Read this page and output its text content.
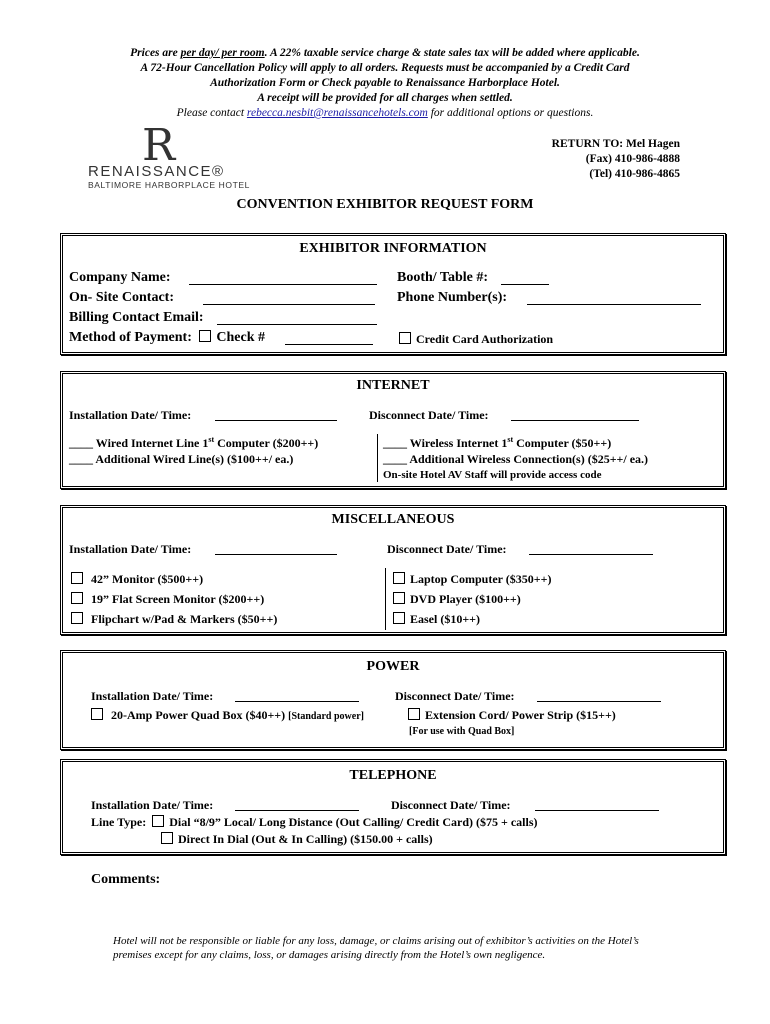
Prices are per day/ per room. A 22% taxable service charge & state sales tax will be added where applicable.
A 72-Hour Cancellation Policy will apply to all orders. Requests must be accompanied by a Credit Card
Authorization Form or Check payable to Renaissance Harborplace Hotel.
A receipt will be provided for all charges when settled.
Please contact rebecca.nesbit@renaissancehotels.com for additional options or questions.
R
RENAISSANCE®
BALTIMORE HARBORPLACE HOTEL
RETURN TO: Mel Hagen
(Fax) 410-986-4888
(Tel) 410-986-4865
CONVENTION EXHIBITOR REQUEST FORM
EXHIBITOR INFORMATION
Company Name:	Booth/ Table #:
On- Site Contact:	Phone Number(s):
Billing Contact Email:
Method of Payment: Check #	Credit Card Authorization
INTERNET
Installation Date/ Time:	Disconnect Date/ Time:
____ Wired Internet Line 1st Computer ($200++)
____ Additional Wired Line(s) ($100++/ ea.)
____ Wireless Internet 1st Computer ($50++)
____ Additional Wireless Connection(s) ($25++/ ea.)
On-site Hotel AV Staff will provide access code
MISCELLANEOUS
Installation Date/ Time:	Disconnect Date/ Time:
42” Monitor ($500++)
19” Flat Screen Monitor ($200++)
Flipchart w/Pad & Markers ($50++)
Laptop Computer ($350++)
DVD Player ($100++)
Easel ($10++)
POWER
Installation Date/ Time:	Disconnect Date/ Time:
20-Amp Power Quad Box ($40++) [Standard power]	Extension Cord/ Power Strip ($15++)
[For use with Quad Box]
TELEPHONE
Installation Date/ Time:	Disconnect Date/ Time:
Line Type: Dial “8/9” Local/ Long Distance (Out Calling/ Credit Card) ($75 + calls)
Direct In Dial (Out & In Calling) ($150.00 + calls)
Comments:
Hotel will not be responsible or liable for any loss, damage, or claims arising out of exhibitor’s activities on the Hotel’s premises except for any claims, loss, or damages arising directly from the Hotel’s own negligence.
